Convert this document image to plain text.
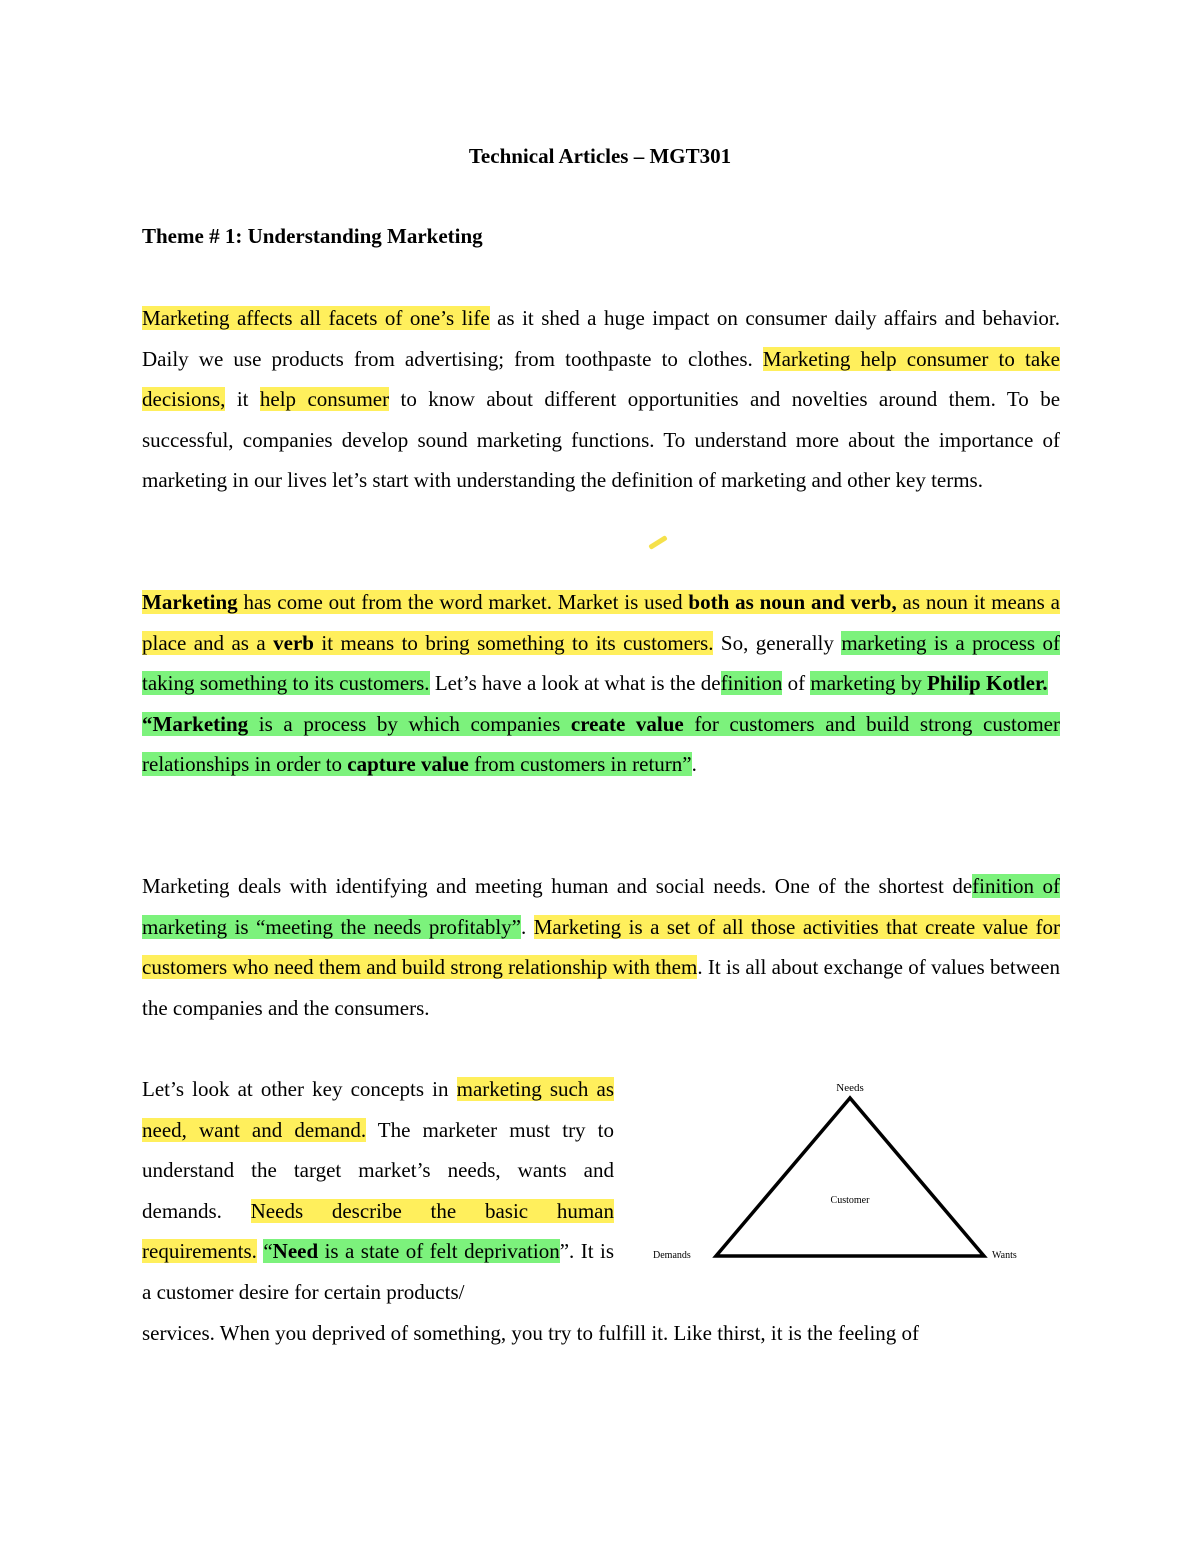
Technical Articles – MGT301
Theme # 1: Understanding Marketing
Marketing affects all facets of one’s life as it shed a huge impact on consumer daily affairs and behavior. Daily we use products from advertising; from toothpaste to clothes. Marketing help consumer to take decisions, it help consumer to know about different opportunities and novelties around them. To be successful, companies develop sound marketing functions. To understand more about the importance of marketing in our lives let’s start with understanding the definition of marketing and other key terms.
Marketing has come out from the word market. Market is used both as noun and verb, as noun it means a place and as a verb it means to bring something to its customers. So, generally marketing is a process of taking something to its customers. Let’s have a look at what is the definition of marketing by Philip Kotler.
“Marketing is a process by which companies create value for customers and build strong customer relationships in order to capture value from customers in return”.
Marketing deals with identifying and meeting human and social needs. One of the shortest definition of marketing is “meeting the needs profitably”. Marketing is a set of all those activities that create value for customers who need them and build strong relationship with them. It is all about exchange of values between the companies and the consumers.
Let’s look at other key concepts in marketing such as need, want and demand. The marketer must try to understand the target market’s needs, wants and demands. Needs describe the basic human requirements. “Need is a state of felt deprivation”. It is a customer desire for certain products/
Needs
Customer
Demands	Wants
services. When you deprived of something, you try to fulfill it. Like thirst, it is the feeling of
